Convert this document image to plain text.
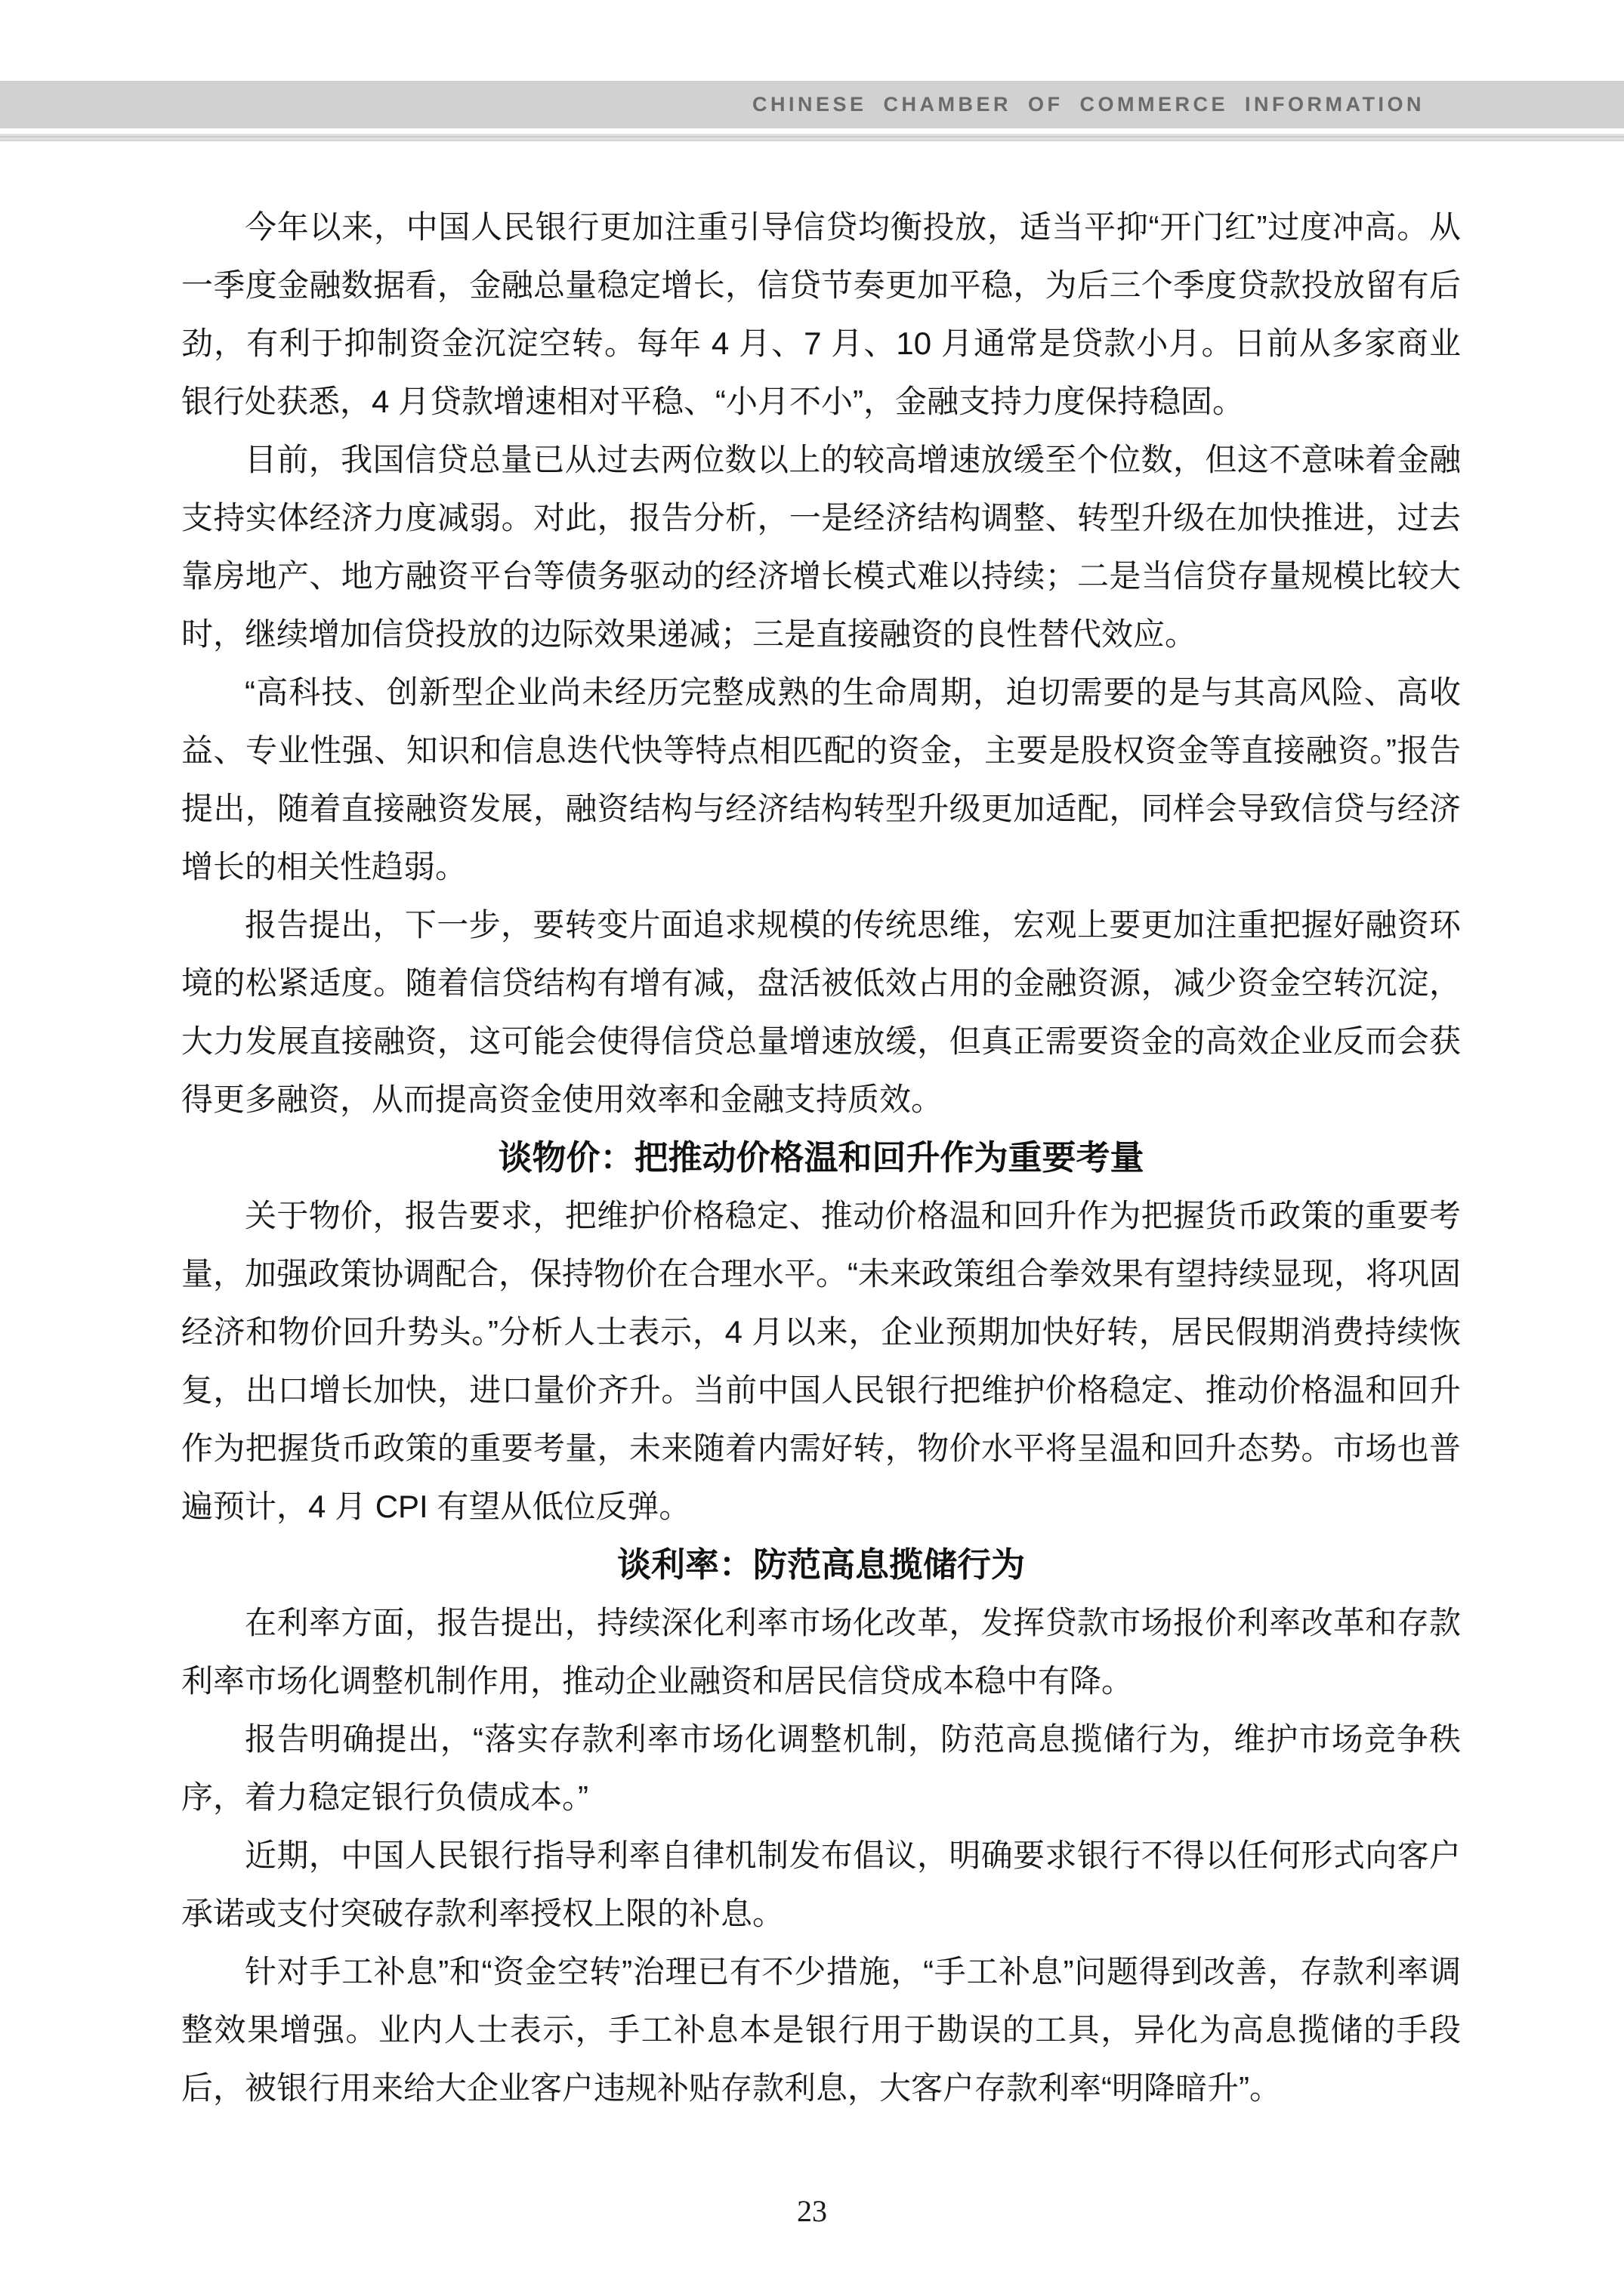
CHINESE CHAMBER OF COMMERCE INFORMATION

今年以来，中国人民银行更加注重引导信贷均衡投放，适当平抑“开门红”过度冲高。从一季度金融数据看，金融总量稳定增长，信贷节奏更加平稳，为后三个季度贷款投放留有后劲，有利于抑制资金沉淀空转。每年 4 月、7 月、10 月通常是贷款小月。日前从多家商业银行处获悉，4 月贷款增速相对平稳、“小月不小”，金融支持力度保持稳固。

目前，我国信贷总量已从过去两位数以上的较高增速放缓至个位数，但这不意味着金融支持实体经济力度减弱。对此，报告分析，一是经济结构调整、转型升级在加快推进，过去靠房地产、地方融资平台等债务驱动的经济增长模式难以持续；二是当信贷存量规模比较大时，继续增加信贷投放的边际效果递减；三是直接融资的良性替代效应。

“高科技、创新型企业尚未经历完整成熟的生命周期，迫切需要的是与其高风险、高收益、专业性强、知识和信息迭代快等特点相匹配的资金，主要是股权资金等直接融资。”报告提出，随着直接融资发展，融资结构与经济结构转型升级更加适配，同样会导致信贷与经济增长的相关性趋弱。

报告提出，下一步，要转变片面追求规模的传统思维，宏观上要更加注重把握好融资环境的松紧适度。随着信贷结构有增有减，盘活被低效占用的金融资源，减少资金空转沉淀，大力发展直接融资，这可能会使得信贷总量增速放缓，但真正需要资金的高效企业反而会获得更多融资，从而提高资金使用效率和金融支持质效。

谈物价：把推动价格温和回升作为重要考量

关于物价，报告要求，把维护价格稳定、推动价格温和回升作为把握货币政策的重要考量，加强政策协调配合，保持物价在合理水平。“未来政策组合拳效果有望持续显现，将巩固经济和物价回升势头。”分析人士表示，4 月以来，企业预期加快好转，居民假期消费持续恢复，出口增长加快，进口量价齐升。当前中国人民银行把维护价格稳定、推动价格温和回升作为把握货币政策的重要考量，未来随着内需好转，物价水平将呈温和回升态势。市场也普遍预计，4 月 CPI 有望从低位反弹。

谈利率：防范高息揽储行为

在利率方面，报告提出，持续深化利率市场化改革，发挥贷款市场报价利率改革和存款利率市场化调整机制作用，推动企业融资和居民信贷成本稳中有降。

报告明确提出，“落实存款利率市场化调整机制，防范高息揽储行为，维护市场竞争秩序，着力稳定银行负债成本。”

近期，中国人民银行指导利率自律机制发布倡议，明确要求银行不得以任何形式向客户承诺或支付突破存款利率授权上限的补息。

针对手工补息”和“资金空转”治理已有不少措施，“手工补息”问题得到改善，存款利率调整效果增强。业内人士表示，手工补息本是银行用于勘误的工具，异化为高息揽储的手段后，被银行用来给大企业客户违规补贴存款利息，大客户存款利率“明降暗升”。

23
